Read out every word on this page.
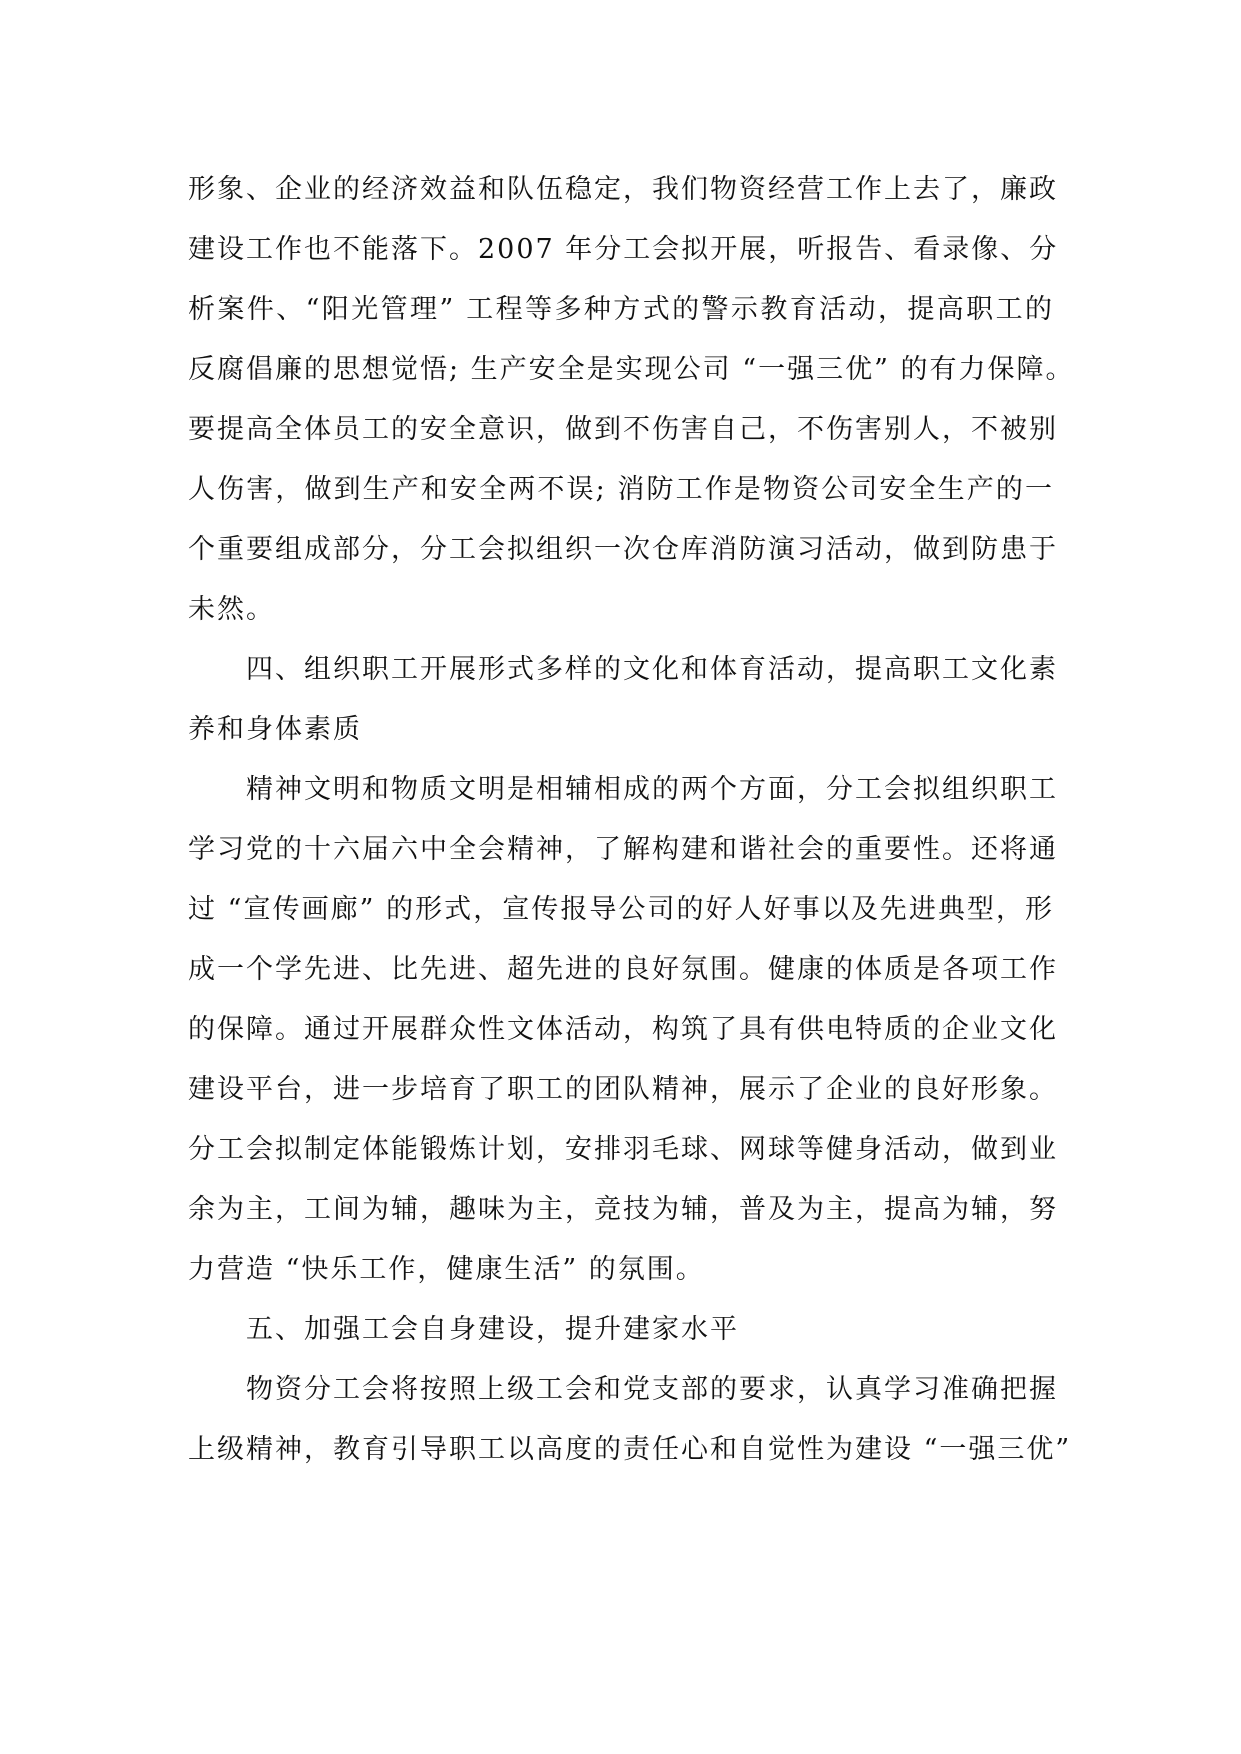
形象、企业的经济效益和队伍稳定，我们物资经营工作上去了，廉政
建设工作也不能落下。2007 年分工会拟开展，听报告、看录像、分
析案件、“阳光管理” 工程等多种方式的警示教育活动，提高职工的
反腐倡廉的思想觉悟; 生产安全是实现公司 “一强三优” 的有力保障。
要提高全体员工的安全意识，做到不伤害自己，不伤害别人，不被别
人伤害，做到生产和安全两不误; 消防工作是物资公司安全生产的一
个重要组成部分，分工会拟组织一次仓库消防演习活动，做到防患于
未然。

四、组织职工开展形式多样的文化和体育活动，提高职工文化素
养和身体素质

精神文明和物质文明是相辅相成的两个方面，分工会拟组织职工
学习党的十六届六中全会精神，了解构建和谐社会的重要性。还将通
过 “宣传画廊” 的形式，宣传报导公司的好人好事以及先进典型，形
成一个学先进、比先进、超先进的良好氛围。健康的体质是各项工作
的保障。通过开展群众性文体活动，构筑了具有供电特质的企业文化
建设平台，进一步培育了职工的团队精神，展示了企业的良好形象。
分工会拟制定体能锻炼计划，安排羽毛球、网球等健身活动，做到业
余为主，工间为辅，趣味为主，竞技为辅，普及为主，提高为辅，努
力营造 “快乐工作，健康生活” 的氛围。

五、加强工会自身建设，提升建家水平

物资分工会将按照上级工会和党支部的要求，认真学习准确把握
上级精神，教育引导职工以高度的责任心和自觉性为建设 “一强三优”
